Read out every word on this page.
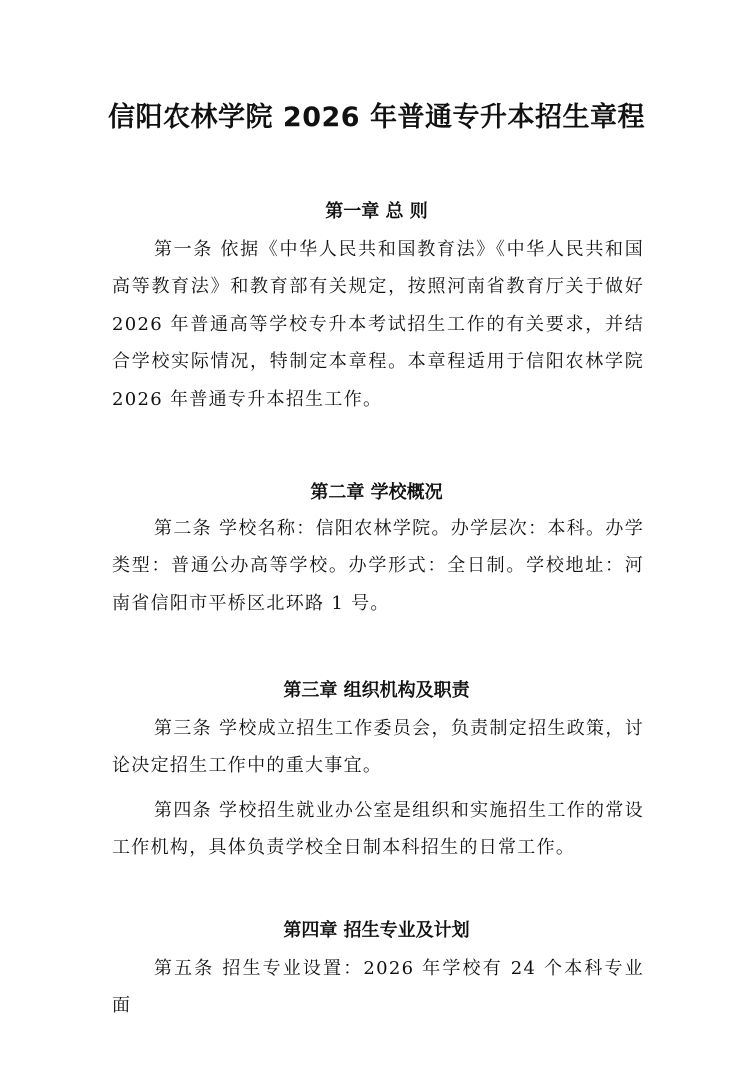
信阳农林学院 2026 年普通专升本招生章程
第一章 总 则

第一条 依据《中华人民共和国教育法》《中华人民共和国高等教育法》和教育部有关规定，按照河南省教育厅关于做好 2026 年普通高等学校专升本考试招生工作的有关要求，并结合学校实际情况，特制定本章程。本章程适用于信阳农林学院 2026 年普通专升本招生工作。

第二章 学校概况

第二条 学校名称：信阳农林学院。办学层次：本科。办学类型：普通公办高等学校。办学形式：全日制。学校地址：河南省信阳市平桥区北环路 1 号。

第三章 组织机构及职责

第三条 学校成立招生工作委员会，负责制定招生政策，讨论决定招生工作中的重大事宜。

第四条 学校招生就业办公室是组织和实施招生工作的常设工作机构，具体负责学校全日制本科招生的日常工作。

第四章 招生专业及计划

第五条 招生专业设置：2026 年学校有 24 个本科专业面
